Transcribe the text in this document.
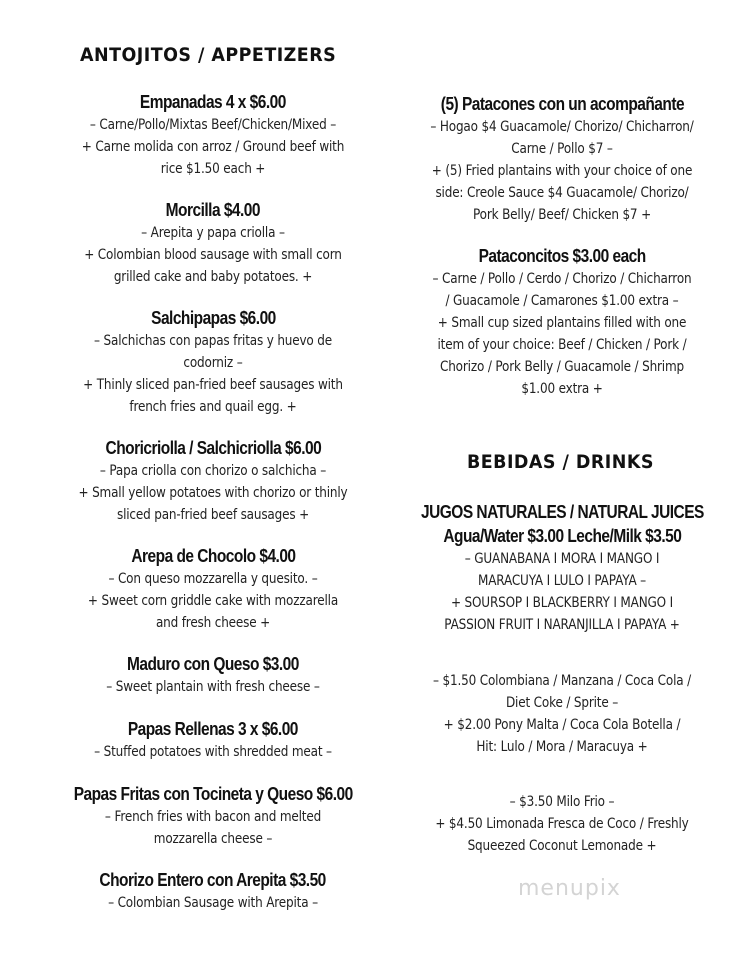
ANTOJITOS / APPETIZERS
Empanadas 4 x $6.00
– Carne/Pollo/Mixtas Beef/Chicken/Mixed –
+ Carne molida con arroz / Ground beef with
rice $1.50 each +
Morcilla $4.00
– Arepita y papa criolla –
+ Colombian blood sausage with small corn
grilled cake and baby potatoes. +
Salchipapas $6.00
– Salchichas con papas fritas y huevo de
codorniz –
+ Thinly sliced pan-fried beef sausages with
french fries and quail egg. +
Choricriolla / Salchicriolla $6.00
– Papa criolla con chorizo o salchicha –
+ Small yellow potatoes with chorizo or thinly
sliced pan-fried beef sausages +
Arepa de Chocolo $4.00
– Con queso mozzarella y quesito. –
+ Sweet corn griddle cake with mozzarella
and fresh cheese +
Maduro con Queso $3.00
– Sweet plantain with fresh cheese –
Papas Rellenas 3 x $6.00
– Stuffed potatoes with shredded meat –
Papas Fritas con Tocineta y Queso $6.00
– French fries with bacon and melted
mozzarella cheese –
Chorizo Entero con Arepita $3.50
– Colombian Sausage with Arepita –
(5) Patacones con un acompañante
– Hogao $4 Guacamole/ Chorizo/ Chicharron/
Carne / Pollo $7 –
+ (5) Fried plantains with your choice of one
side: Creole Sauce $4 Guacamole/ Chorizo/
Pork Belly/ Beef/ Chicken $7 +
Pataconcitos $3.00 each
– Carne / Pollo / Cerdo / Chorizo / Chicharron
/ Guacamole / Camarones $1.00 extra –
+ Small cup sized plantains filled with one
item of your choice: Beef / Chicken / Pork /
Chorizo / Pork Belly / Guacamole / Shrimp
$1.00 extra +
JUGOS NATURALES / NATURAL JUICES
Agua/Water $3.00 Leche/Milk $3.50
– GUANABANA I MORA I MANGO I
MARACUYA I LULO I PAPAYA –
+ SOURSOP I BLACKBERRY I MANGO I
PASSION FRUIT I NARANJILLA I PAPAYA +
– $1.50 Colombiana / Manzana / Coca Cola /
Diet Coke / Sprite –
+ $2.00 Pony Malta / Coca Cola Botella /
Hit: Lulo / Mora / Maracuya +
– $3.50 Milo Frio –
+ $4.50 Limonada Fresca de Coco / Freshly
Squeezed Coconut Lemonade +
BEBIDAS / DRINKS
menupix
